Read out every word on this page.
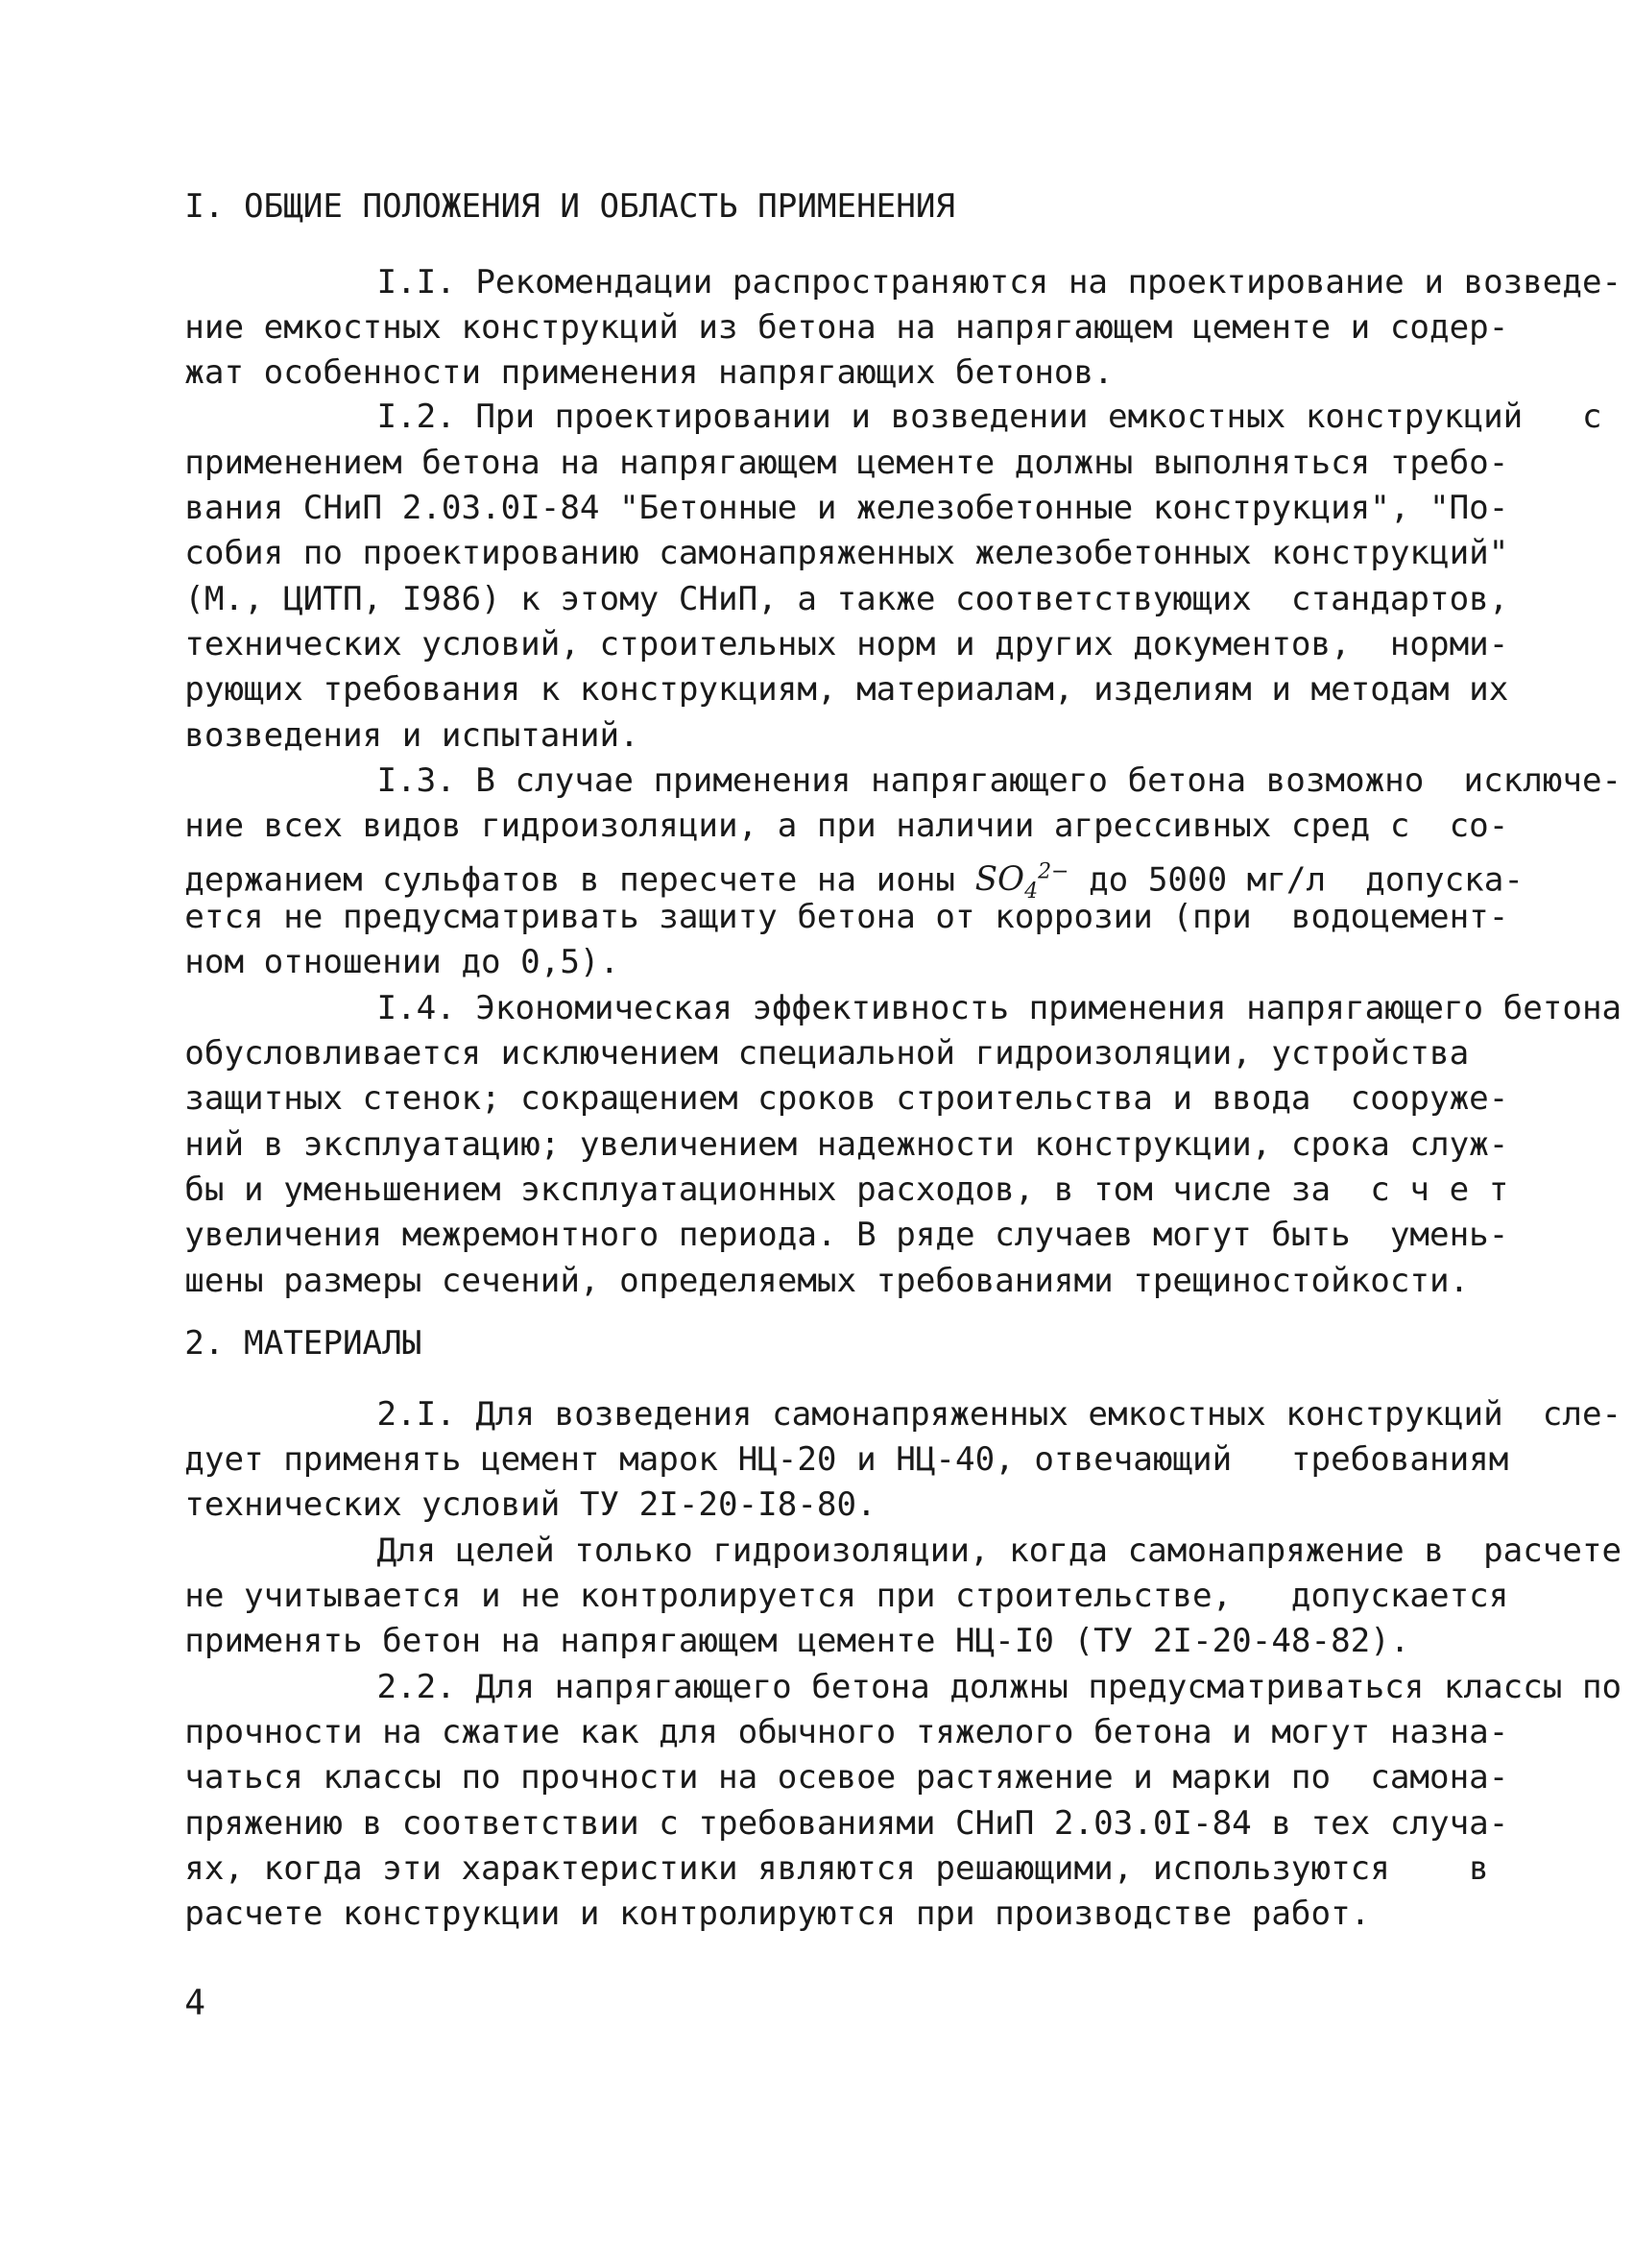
I. ОБЩИЕ ПОЛОЖЕНИЯ И ОБЛАСТЬ ПРИМЕНЕНИЯ
I.I. Рекомендации распространяются на проектирование и возведе-
ние емкостных конструкций из бетона на напрягающем цементе и содер-
жат особенности применения напрягающих бетонов.
I.2. При проектировании и возведении емкостных конструкций   с
применением бетона на напрягающем цементе должны выполняться требо-
вания СНиП 2.03.0I-84 "Бетонные и железобетонные конструкция", "По-
собия по проектированию самонапряженных железобетонных конструкций"
(М., ЦИТП, I986) к этому СНиП, а также соответствующих  стандартов,
технических условий, строительных норм и других документов,  норми-
рующих требования к конструкциям, материалам, изделиям и методам их
возведения и испытаний.
I.3. В случае применения напрягающего бетона возможно  исключе-
ние всех видов гидроизоляции, а при наличии агрессивных сред с  со-
держанием сульфатов в пересчете на ионы $SO_4^{2-}$ до 5000 мг/л  допуска-
ется не предусматривать защиту бетона от коррозии (при  водоцемент-
ном отношении до 0,5).
I.4. Экономическая эффективность применения напрягающего бетона
обусловливается исключением специальной гидроизоляции, устройства
защитных стенок; сокращением сроков строительства и ввода  сооруже-
ний в эксплуатацию; увеличением надежности конструкции, срока служ-
бы и уменьшением эксплуатационных расходов, в том числе за  с ч е т
увеличения межремонтного периода. В ряде случаев могут быть  умень-
шены размеры сечений, определяемых требованиями трещиностойкости.
2. МАТЕРИАЛЫ
2.I. Для возведения самонапряженных емкостных конструкций  сле-
дует применять цемент марок НЦ-20 и НЦ-40, отвечающий   требованиям
технических условий ТУ 2I-20-I8-80.
Для целей только гидроизоляции, когда самонапряжение в  расчете
не учитывается и не контролируется при строительстве,   допускается
применять бетон на напрягающем цементе НЦ-I0 (ТУ 2I-20-48-82).
2.2. Для напрягающего бетона должны предусматриваться классы по
прочности на сжатие как для обычного тяжелого бетона и могут назна-
чаться классы по прочности на осевое растяжение и марки по  самона-
пряжению в соответствии с требованиями СНиП 2.03.0I-84 в тех случа-
ях, когда эти характеристики являются решающими, используются    в
расчете конструкции и контролируются при производстве работ.
4
